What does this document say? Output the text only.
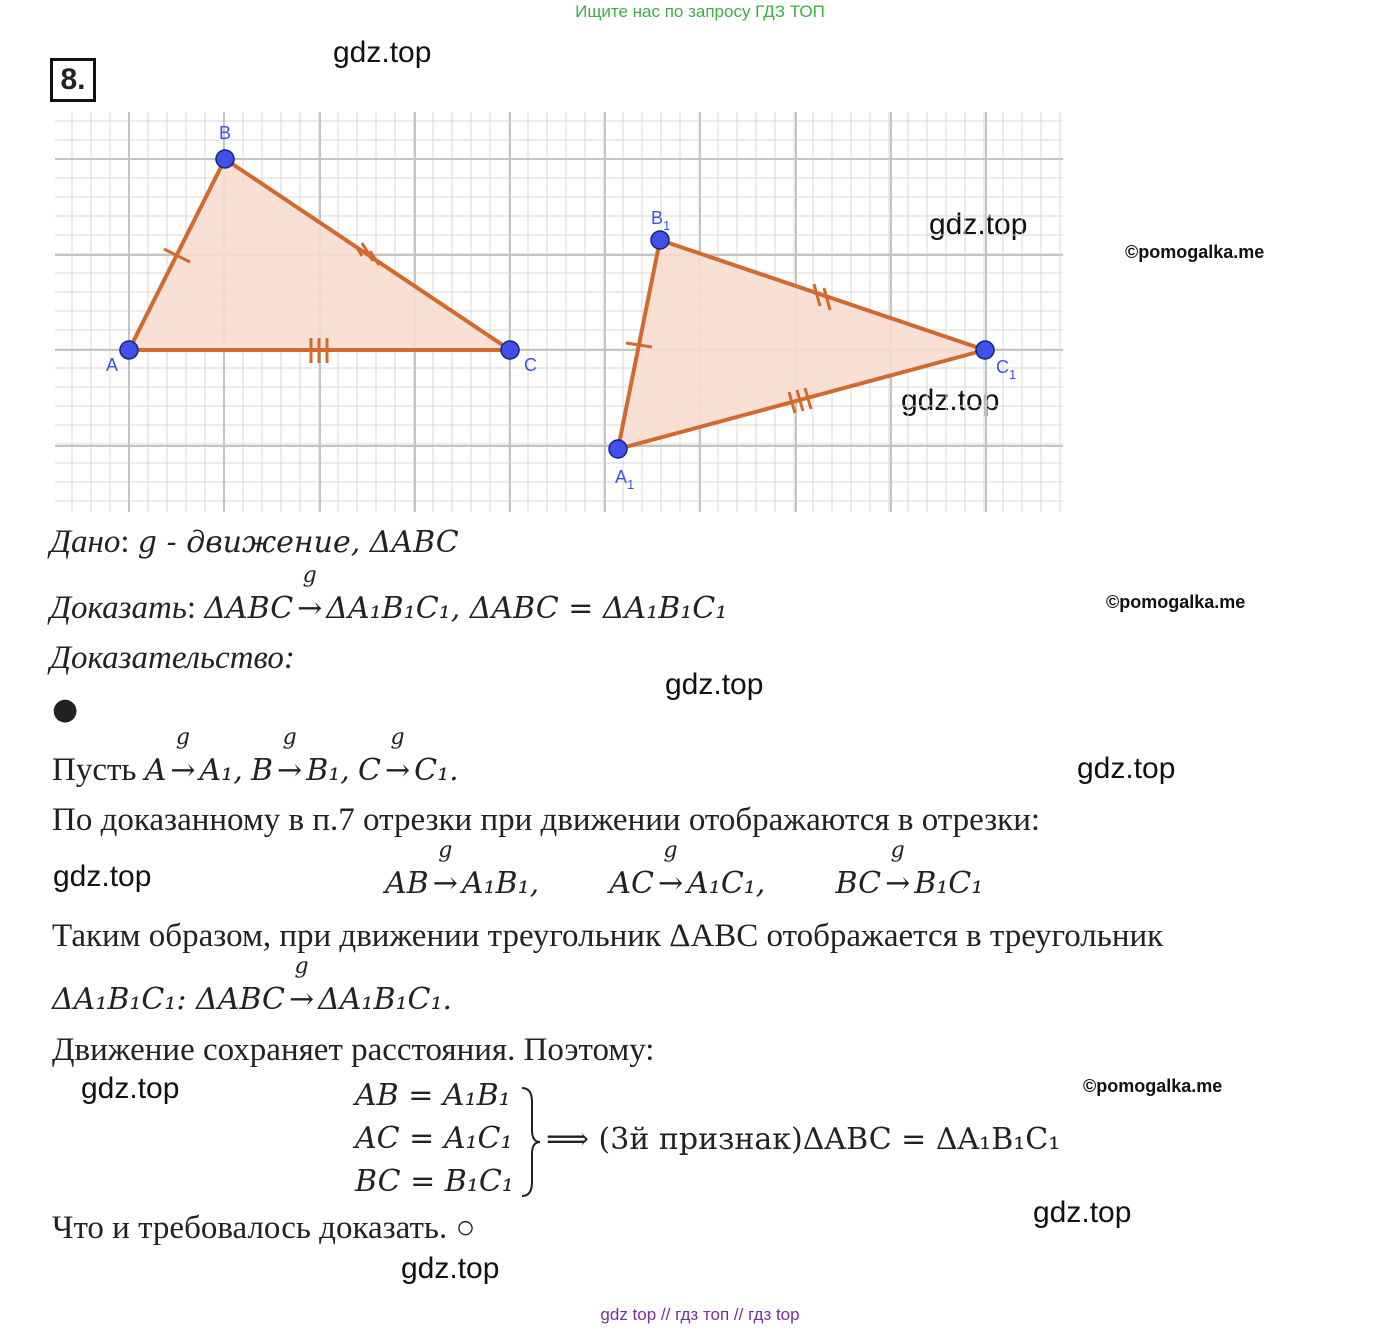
Ищите нас по запросу ГДЗ ТОП
8.
gdz.top
gdz.top
gdz.top
gdz.top
gdz.top
gdz.top
gdz.top
gdz.top
gdz.top
©pomogalka.me
©pomogalka.me
©pomogalka.me
B
A	C
$B_1$
$C_1$
$A_1$
Дано: g - движение, ΔABC
Доказать: ΔABC
g
→ ΔA₁B₁C₁, ΔABC = ΔA₁B₁C₁
Доказательство:
●
Пусть A
g
→ A₁, B
g
→ B₁, C
g
→ C₁.
По доказанному в п.7 отрезки при движении отображаются в отрезки:
AB
g
→ A₁B₁, AC
g
→ A₁C₁, BC
g
→ B₁C₁
Таким образом, при движении треугольник ΔABC отображается в треугольник
ΔA₁B₁C₁: ΔABC
g
→ ΔA₁B₁C₁.
Движение сохраняет расстояния. Поэтому:
AB = A₁B₁
AC = A₁C₁
BC = B₁C₁
⟹ (3й признак)ΔABC = ΔA₁B₁C₁
Что и требовалось доказать. ○
gdz top // гдз топ // гдз top
